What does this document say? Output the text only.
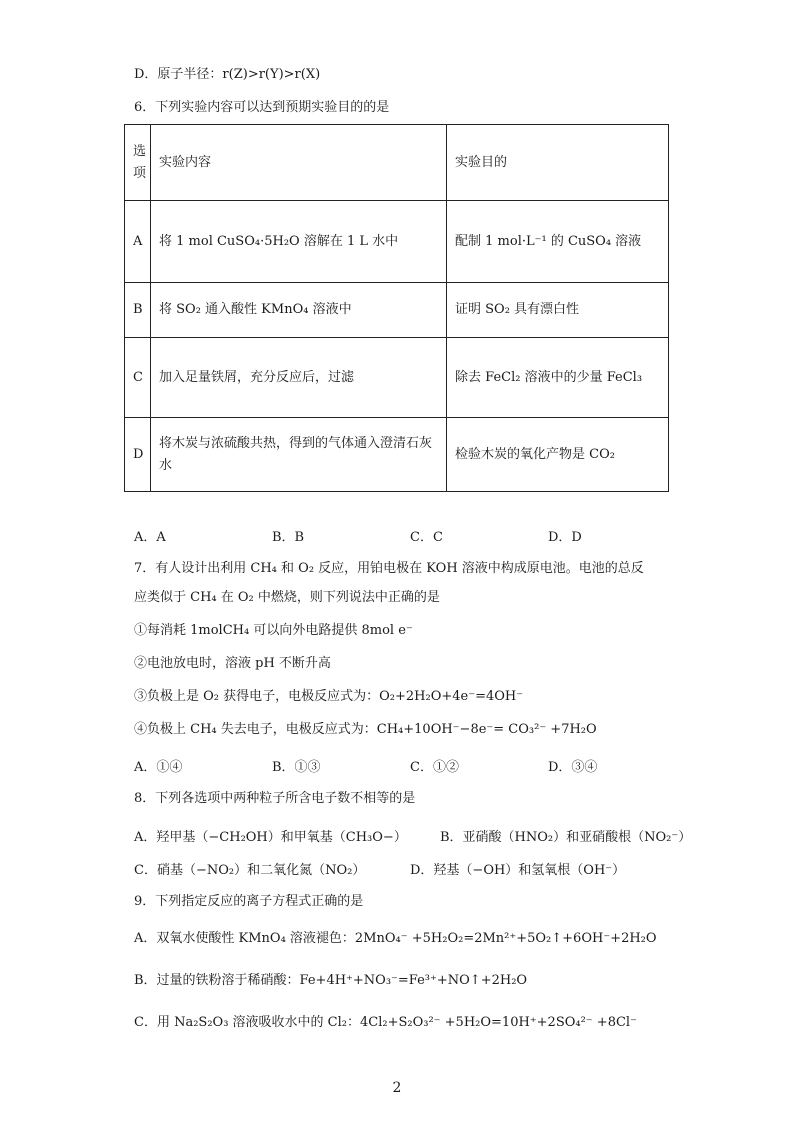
D．原子半径：r(Z)>r(Y)>r(X)
6．下列实验内容可以达到预期实验目的的是
选项	实验内容	实验目的
A	将 1 mol CuSO₄·5H₂O 溶解在 1 L 水中	配制 1 mol·L⁻¹ 的 CuSO₄ 溶液
B	将 SO₂ 通入酸性 KMnO₄ 溶液中	证明 SO₂ 具有漂白性
C	加入足量铁屑，充分反应后，过滤	除去 FeCl₂ 溶液中的少量 FeCl₃
D	将木炭与浓硫酸共热，得到的气体通入澄清石灰水	检验木炭的氧化产物是 CO₂
A．A	B．B	C．C	D．D
7．有人设计出利用 CH₄ 和 O₂ 反应，用铂电极在 KOH 溶液中构成原电池。电池的总反
应类似于 CH₄ 在 O₂ 中燃烧，则下列说法中正确的是
①每消耗 1molCH₄ 可以向外电路提供 8mol e⁻
②电池放电时，溶液 pH 不断升高
③负极上是 O₂ 获得电子，电极反应式为：O₂+2H₂O+4e⁻=4OH⁻
④负极上 CH₄ 失去电子，电极反应式为：CH₄+10OH⁻−8e⁻= CO₃²⁻ +7H₂O
A．①④	B．①③	C．①②	D．③④
8．下列各选项中两种粒子所含电子数不相等的是
A．羟甲基（−CH₂OH）和甲氧基（CH₃O−）	B．亚硝酸（HNO₂）和亚硝酸根（NO₂⁻）
C．硝基（−NO₂）和二氧化氮（NO₂）	D．羟基（−OH）和氢氧根（OH⁻）
9．下列指定反应的离子方程式正确的是
A．双氧水使酸性 KMnO₄ 溶液褪色：2MnO₄⁻ +5H₂O₂=2Mn²⁺+5O₂↑+6OH⁻+2H₂O
B．过量的铁粉溶于稀硝酸：Fe+4H⁺+NO₃⁻=Fe³⁺+NO↑+2H₂O
C．用 Na₂S₂O₃ 溶液吸收水中的 Cl₂：4Cl₂+S₂O₃²⁻ +5H₂O=10H⁺+2SO₄²⁻ +8Cl⁻
2
